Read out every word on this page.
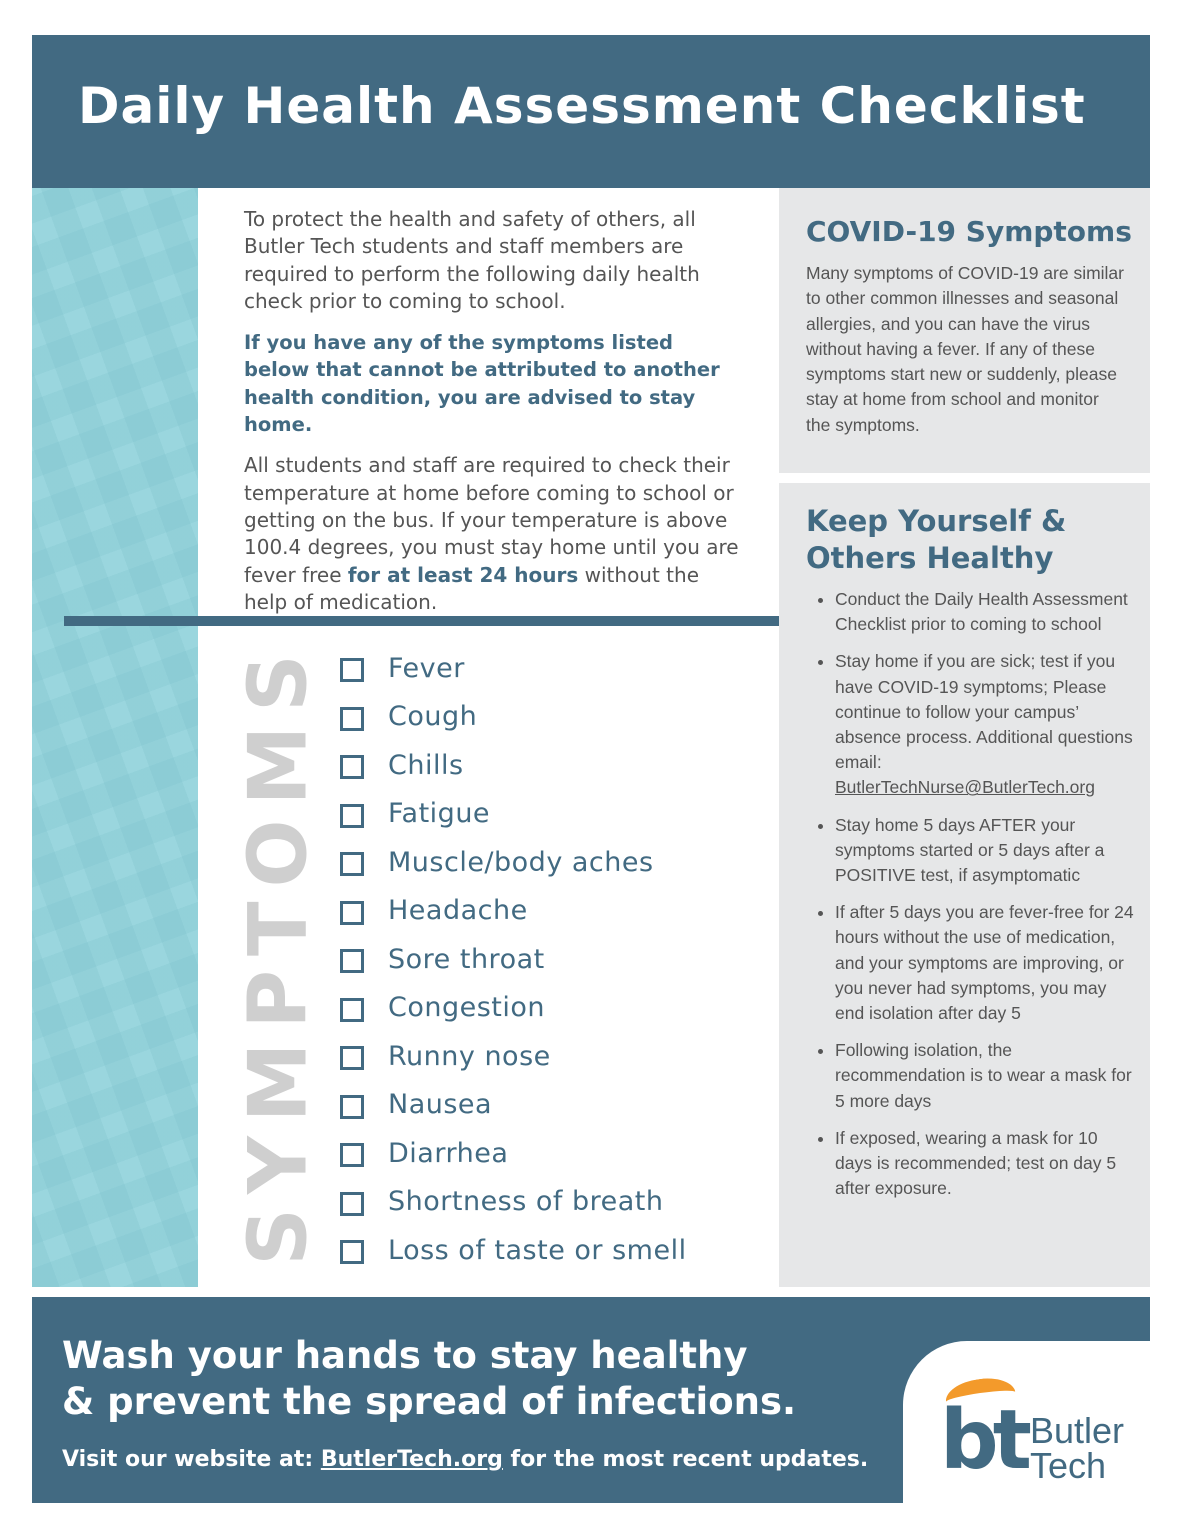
Daily Health Assessment Checklist

To protect the health and safety of others, all Butler Tech students and staff members are required to perform the following daily health check prior to coming to school.

If you have any of the symptoms listed below that cannot be attributed to another health condition, you are advised to stay home.

All students and staff are required to check their temperature at home before coming to school or getting on the bus. If your temperature is above 100.4 degrees, you must stay home until you are fever free for at least 24 hours without the help of medication.

SYMPTOMS Fever
Cough
Chills
Fatigue
Muscle/body aches
Headache
Sore throat
Congestion
Runny nose
Nausea
Diarrhea
Shortness of breath
Loss of taste or smell
COVID-19 Symptoms

Many symptoms of COVID-19 are similar to other common illnesses and seasonal allergies, and you can have the virus without having a fever. If any of these symptoms start new or suddenly, please stay at home from school and monitor the symptoms.

Keep Yourself & Others Healthy
• Conduct the Daily Health Assessment Checklist prior to coming to school
• Stay home if you are sick; test if you have COVID-19 symptoms; Please continue to follow your campus’ absence process. Additional questions email:
ButlerTechNurse@ButlerTech.org
• Stay home 5 days AFTER your symptoms started or 5 days after a POSITIVE test, if asymptomatic
• If after 5 days you are fever-free for 24 hours without the use of medication, and your symptoms are improving, or you never had symptoms, you may end isolation after day 5
• Following isolation, the recommendation is to wear a mask for 5 more days
• If exposed, wearing a mask for 10 days is recommended; test on day 5 after exposure.

Wash your hands to stay healthy
& prevent the spread of infections.

Visit our website at: ButlerTech.org for the most recent updates. bt Butler
Tech
